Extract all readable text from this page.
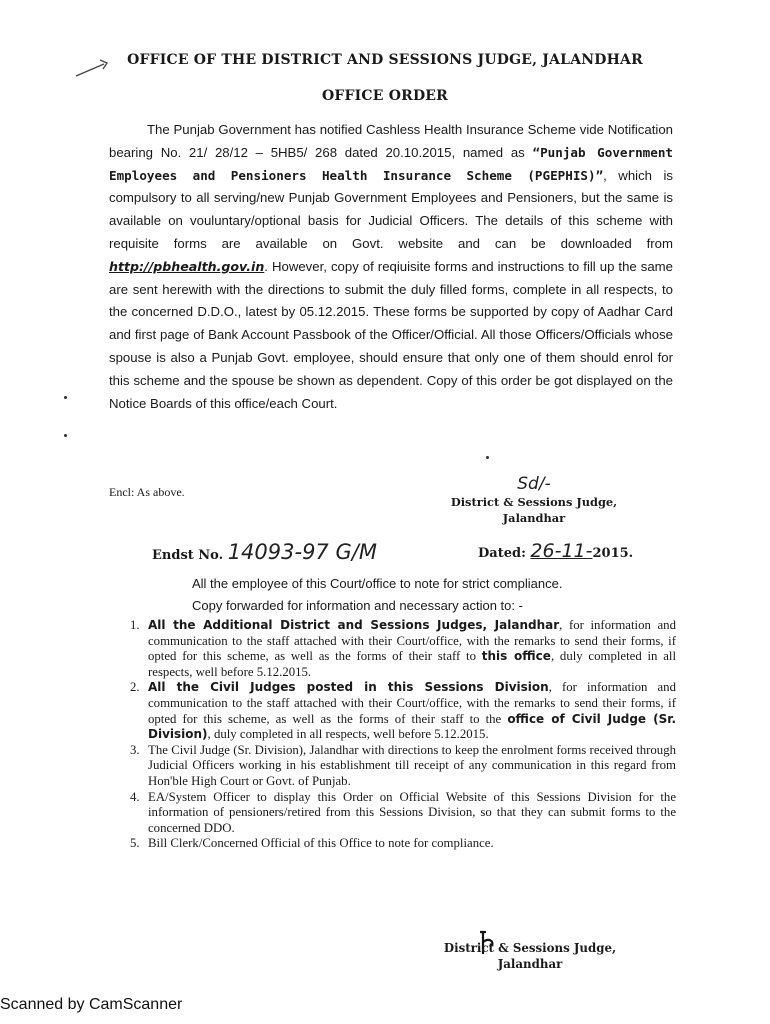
OFFICE OF THE DISTRICT AND SESSIONS JUDGE, JALANDHAR
OFFICE ORDER

The Punjab Government has notified Cashless Health Insurance Scheme vide Notification bearing No. 21/ 28/12 – 5HB5/ 268 dated 20.10.2015, named as “Punjab Government Employees and Pensioners Health Insurance Scheme (PGEPHIS)”, which is compulsory to all serving/new Punjab Government Employees and Pensioners, but the same is available on vouluntary/optional basis for Judicial Officers. The details of this scheme with requisite forms are available on Govt. website and can be downloaded from http://pbhealth.gov.in. However, copy of reqiuisite forms and instructions to fill up the same are sent herewith with the directions to submit the duly filled forms, complete in all respects, to the concerned D.D.O., latest by 05.12.2015. These forms be supported by copy of Aadhar Card and first page of Bank Account Passbook of the Officer/Official. All those Officers/Officials whose spouse is also a Punjab Govt. employee, should ensure that only one of them should enrol for this scheme and the spouse be shown as dependent. Copy of this order be got displayed on the Notice Boards of this office/each Court.

Encl: As above.	Sd/-
District & Sessions Judge,
Jalandhar
Endst No. 14093-97 G/M	Dated: 26-11-2015.
All the employee of this Court/office to note for strict compliance.
Copy forwarded for information and necessary action to: -
1. All the Additional District and Sessions Judges, Jalandhar, for information and communication to the staff attached with their Court/office, with the remarks to send their forms, if opted for this scheme, as well as the forms of their staff to this office, duly completed in all respects, well before 5.12.2015.
2. All the Civil Judges posted in this Sessions Division, for information and communication to the staff attached with their Court/office, with the remarks to send their forms, if opted for this scheme, as well as the forms of their staff to the office of Civil Judge (Sr. Division), duly completed in all respects, well before 5.12.2015.
3. The Civil Judge (Sr. Division), Jalandhar with directions to keep the enrolment forms received through Judicial Officers working in his establishment till receipt of any communication in this regard from Hon'ble High Court or Govt. of Punjab.
4. EA/System Officer to display this Order on Official Website of this Sessions Division for the information of pensioners/retired from this Sessions Division, so that they can submit forms to the concerned DDO.
5. Bill Clerk/Concerned Official of this Office to note for compliance.
District & Sessions Judge,
Jalandhar
Scanned by CamScanner
